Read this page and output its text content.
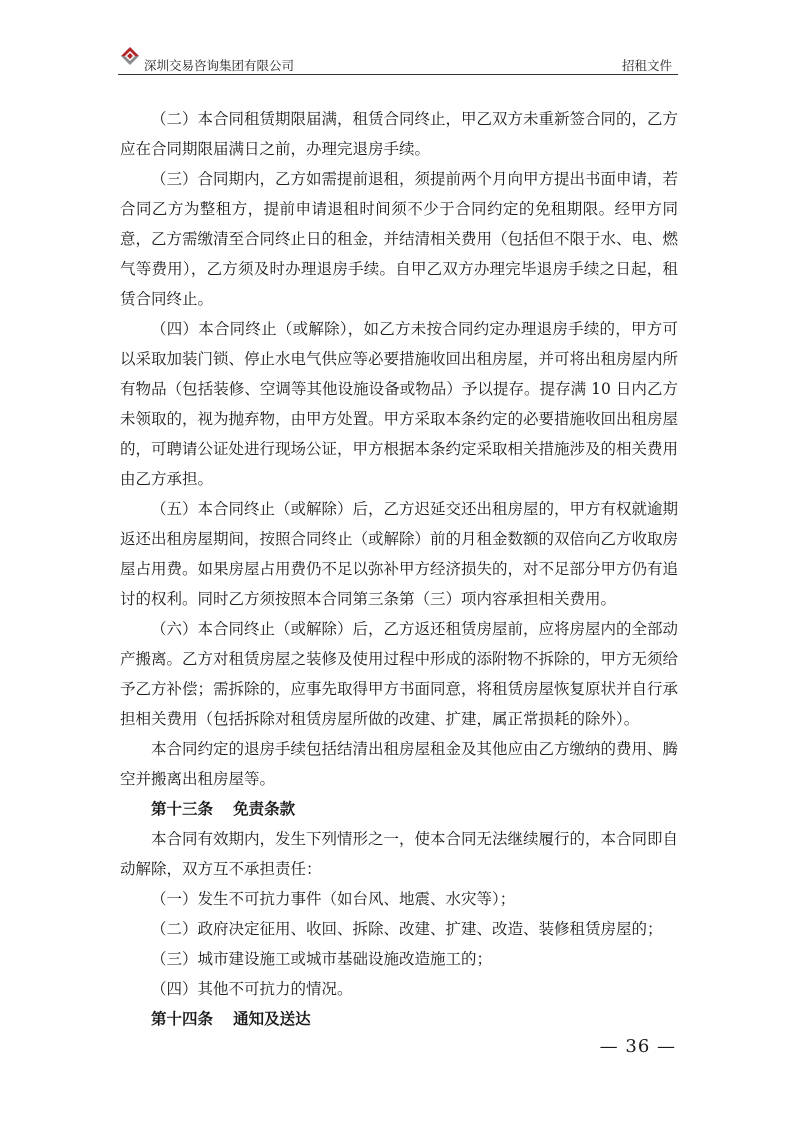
深圳交易咨询集团有限公司	招租文件

（二）本合同租赁期限届满，租赁合同终止，甲乙双方未重新签合同的，乙方应在合同期限届满日之前，办理完退房手续。

（三）合同期内，乙方如需提前退租，须提前两个月向甲方提出书面申请，若合同乙方为整租方，提前申请退租时间须不少于合同约定的免租期限。经甲方同意，乙方需缴清至合同终止日的租金，并结清相关费用（包括但不限于水、电、燃气等费用），乙方须及时办理退房手续。自甲乙双方办理完毕退房手续之日起，租赁合同终止。

（四）本合同终止（或解除），如乙方未按合同约定办理退房手续的，甲方可以采取加装门锁、停止水电气供应等必要措施收回出租房屋，并可将出租房屋内所有物品（包括装修、空调等其他设施设备或物品）予以提存。提存满 10 日内乙方未领取的，视为抛弃物，由甲方处置。甲方采取本条约定的必要措施收回出租房屋的，可聘请公证处进行现场公证，甲方根据本条约定采取相关措施涉及的相关费用由乙方承担。

（五）本合同终止（或解除）后，乙方迟延交还出租房屋的，甲方有权就逾期返还出租房屋期间，按照合同终止（或解除）前的月租金数额的双倍向乙方收取房屋占用费。如果房屋占用费仍不足以弥补甲方经济损失的，对不足部分甲方仍有追讨的权利。同时乙方须按照本合同第三条第（三）项内容承担相关费用。

（六）本合同终止（或解除）后，乙方返还租赁房屋前，应将房屋内的全部动产搬离。乙方对租赁房屋之装修及使用过程中形成的添附物不拆除的，甲方无须给予乙方补偿；需拆除的，应事先取得甲方书面同意，将租赁房屋恢复原状并自行承担相关费用（包括拆除对租赁房屋所做的改建、扩建，属正常损耗的除外）。

本合同约定的退房手续包括结清出租房屋租金及其他应由乙方缴纳的费用、腾空并搬离出租房屋等。

第十三条 免责条款

本合同有效期内，发生下列情形之一，使本合同无法继续履行的，本合同即自动解除，双方互不承担责任：

（一）发生不可抗力事件（如台风、地震、水灾等）；

（二）政府决定征用、收回、拆除、改建、扩建、改造、装修租赁房屋的；

（三）城市建设施工或城市基础设施改造施工的；

（四）其他不可抗力的情况。

第十四条 通知及送达

— 36 —
